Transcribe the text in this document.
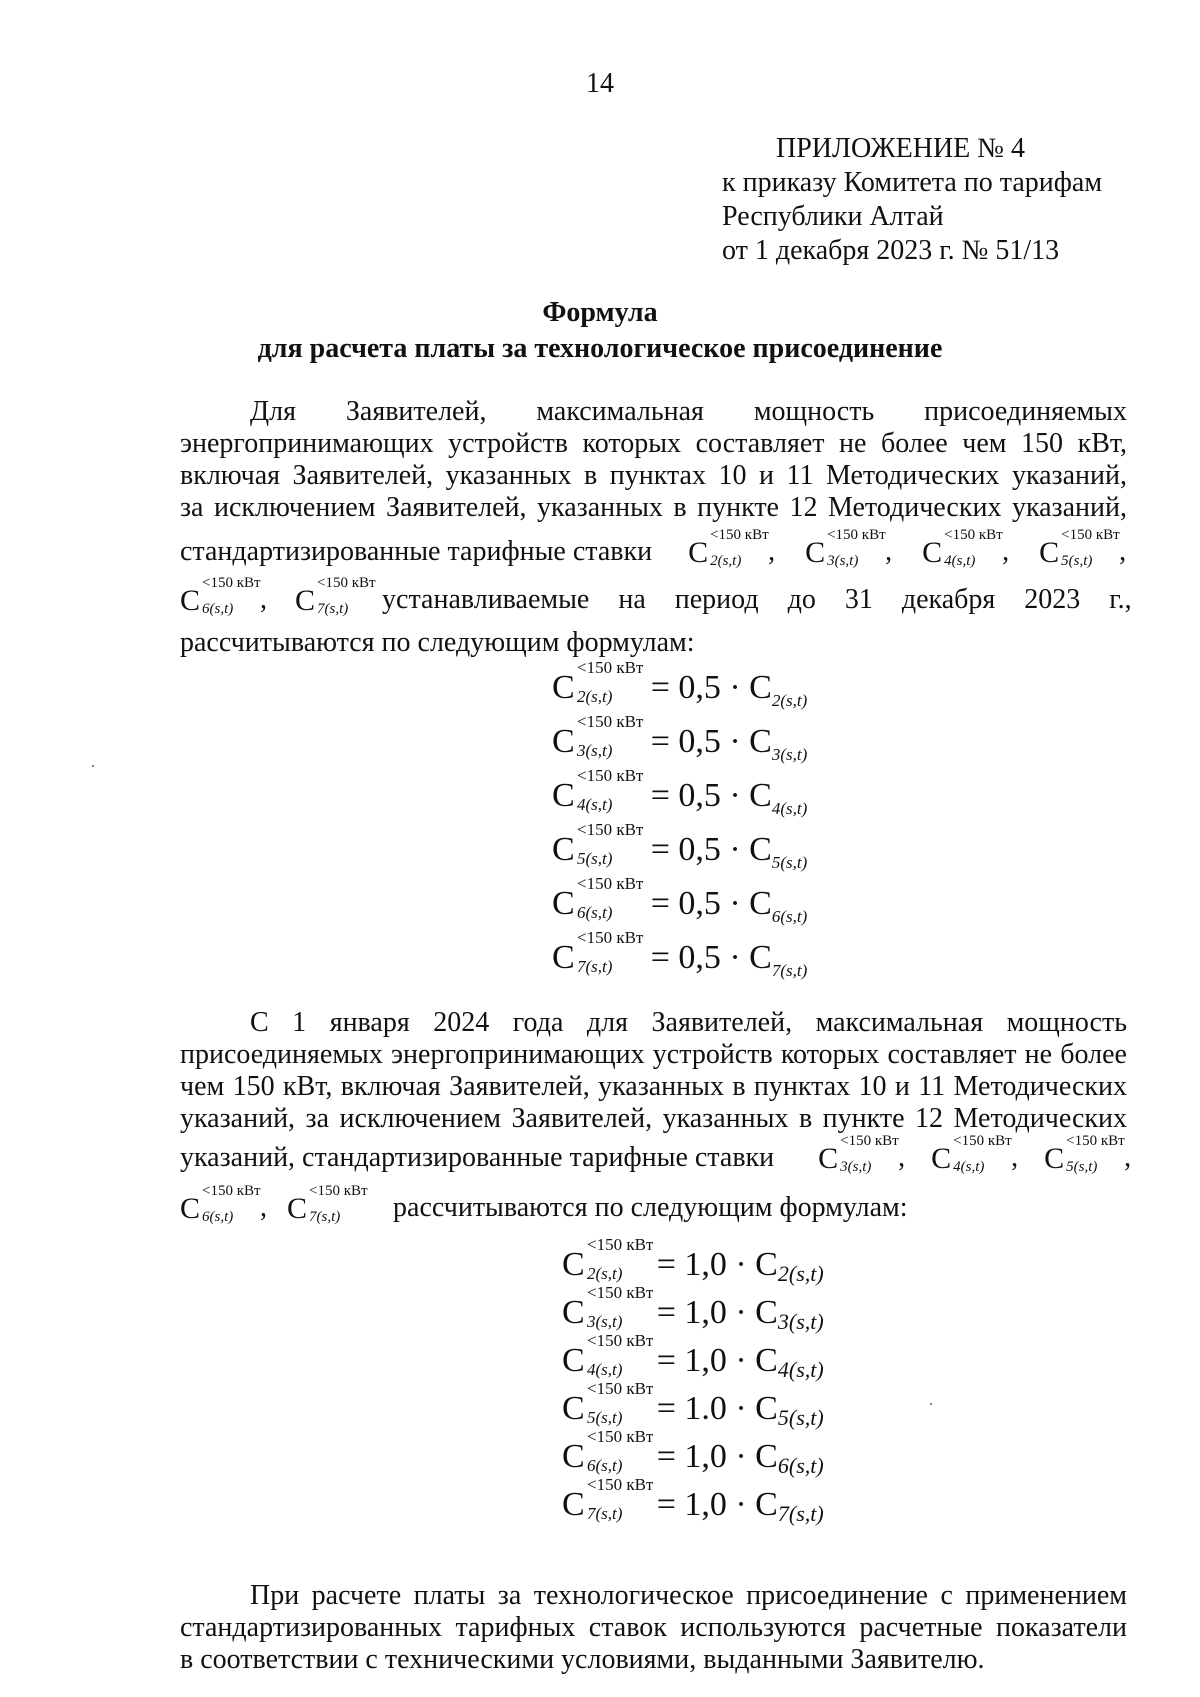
14
ПРИЛОЖЕНИЕ № 4
к приказу Комитета по тарифам
Республики Алтай
от 1 декабря 2023 г. № 51/13
Формула
для расчета платы за технологическое присоединение
Для Заявителей, максимальная мощность присоединяемых
энергопринимающих устройств которых составляет не более чем 150 кВт,
включая Заявителей, указанных в пунктах 10 и 11 Методических указаний,
за исключением Заявителей, указанных в пункте 12 Методических указаний,
стандартизированные тарифные ставки C
<150 кВт
2(s,t) , C
<150 кВт
3(s,t) , C
<150 кВт
4(s,t) , C
<150 кВт
5(s,t) ,
C
<150 кВт
6(s,t) , C
<150 кВт
7(s,t) устанавливаемые на период до 31 декабря 2023 г.,
рассчитываются по следующим формулам:
C
<150 кВт
$2(s,t) = 0,5 \cdot C_{2(s,t)}$
C
<150 кВт
$3(s,t) = 0,5 \cdot C_{3(s,t)}$
C
<150 кВт
$4(s,t) = 0,5 \cdot C_{4(s,t)}$
C
<150 кВт
$5(s,t) = 0,5 \cdot C_{5(s,t)}$
C
<150 кВт
$6(s,t) = 0,5 \cdot C_{6(s,t)}$
C
<150 кВт
$7(s,t) = 0,5 \cdot C_{7(s,t)}$
С 1 января 2024 года для Заявителей, максимальная мощность
присоединяемых энергопринимающих устройств которых составляет не более
чем 150 кВт, включая Заявителей, указанных в пунктах 10 и 11 Методических
указаний, за исключением Заявителей, указанных в пункте 12 Методических
указаний, стандартизированные тарифные ставки C
<150 кВт
3(s,t) , C
<150 кВт
4(s,t) , C
<150 кВт
5(s,t) ,
C
<150 кВт
6(s,t) , C
<150 кВт
7(s,t) рассчитываются по следующим формулам:
C
<150 кВт
2(s,t) = 1,0 · C2(s,t)
C
<150 кВт
3(s,t) = 1,0 · C3(s,t)
C
<150 кВт
4(s,t) = 1,0 · C4(s,t)
C
<150 кВт
5(s,t) = 1.0 · C5(s,t)
C
<150 кВт
6(s,t) = 1,0 · C6(s,t)
C
<150 кВт
7(s,t) = 1,0 · C7(s,t)
При расчете платы за технологическое присоединение с применением
стандартизированных тарифных ставок используются расчетные показатели
в соответствии с техническими условиями, выданными Заявителю.
